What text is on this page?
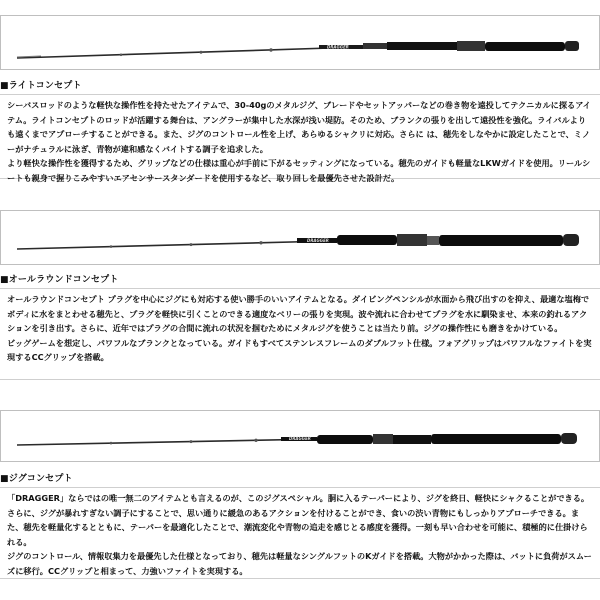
DRAGGER
■ライトコンセプト

シーバスロッドのような軽快な操作性を持たせたアイテムで、30-40gのメタルジグ、ブレードやセットアッパーなどの巻き物を遠投してテクニカルに探るアイテム。ライトコンセプトのロッドが活躍する舞台は、アングラーが集中した水深が浅い堤防。そのため、ブランクの張りを出して遠投性を強化。ライバルよりも遠くまでアプローチすることができる。また、ジグのコントロール性を上げ、あらゆるシャクリに対応。さらに は、穂先をしなやかに設定したことで、ミノーがナチュラルに泳ぎ、青物が違和感なくバイトする調子を追求した。

より軽快な操作性を獲得するため、グリップなどの仕様は重心が手前に下がるセッティングになっている。穂先のガイドも軽量なLKWガイドを使用。リールシートも親身で握りこみやすいエアセンサースタンダードを使用するなど、取り回しを最優先させた設計だ。

DRAGGER
■オールラウンドコンセプト

オールラウンドコンセプト プラグを中心にジグにも対応する使い勝手のいいアイテムとなる。ダイビングペンシルが水面から飛び出すのを抑え、最適な塩梅でボディに水をまとわせる穂先と、プラグを軽快に引くことのできる適度なベリーの張りを実現。波や流れに合わせてプラグを水に馴染ませ、本来の釣れるアクションを引き出す。さらに、近年ではプラグの合間に流れの状況を掴むためにメタルジグを使うことは当たり前。ジグの操作性にも磨きをかけている。

ビッグゲームを想定し、パワフルなブランクとなっている。ガイドもすべてステンレスフレームのダブルフット仕様。フォアグリップはパワフルなファイトを実現するCCグリップを搭載。

DRAGGER
■ジグコンセプト

「DRAGGER」ならではの唯一無二のアイテムとも言えるのが、このジグスペシャル。胴に入るテーパーにより、ジグを終日、軽快にシャクることができる。さらに、ジグが暴れすぎない調子にすることで、思い通りに緩急のあるアクションを付けることができ、食いの渋い青物にもしっかりアプローチできる。また、穂先を軽量化するとともに、テーパーを最適化したことで、潮流変化や青物の追走を感じとる感度を獲得。一刻も早い合わせを可能に、積極的に仕掛けられる。

ジグのコントロール、情報収集力を最優先した仕様となっており、穂先は軽量なシングルフットのKガイドを搭載。大物がかかった際は、バットに負荷がスムーズに移行。CCグリップと相まって、力強いファイトを実現する。
